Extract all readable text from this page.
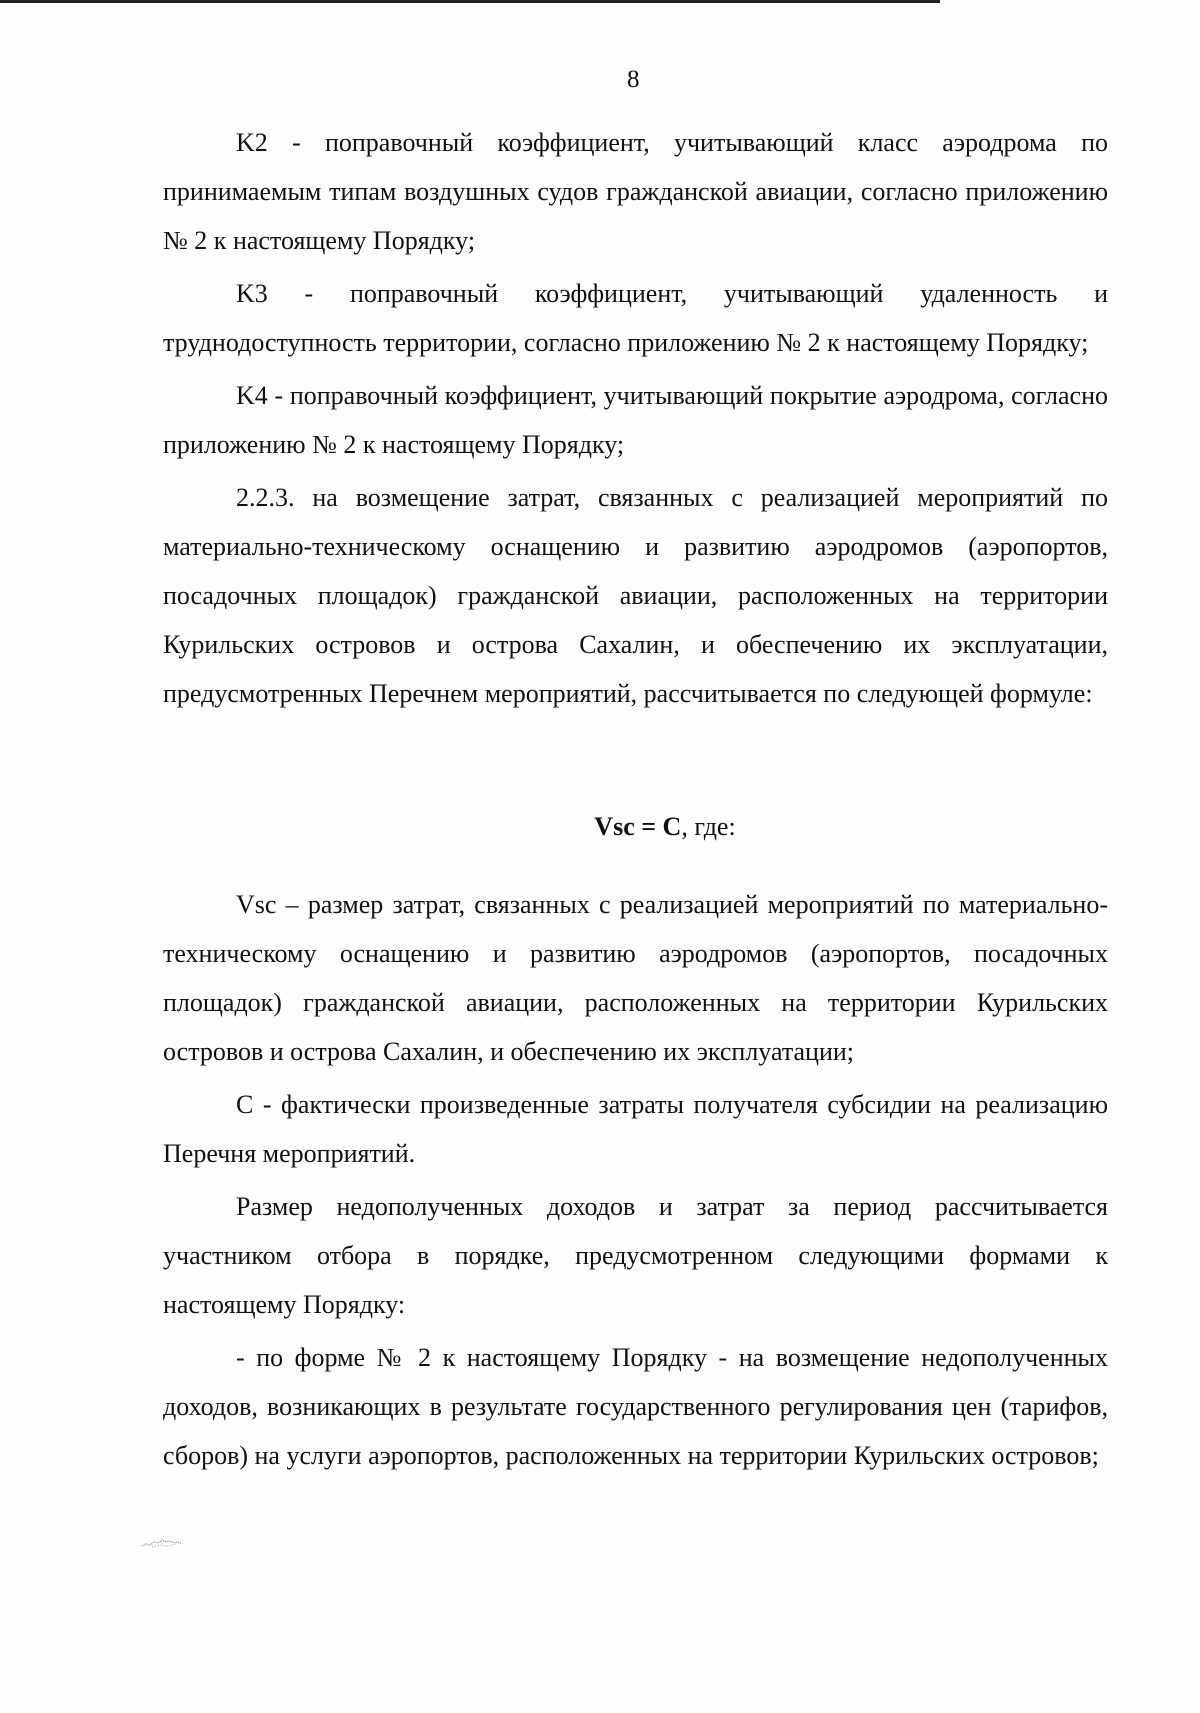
8

K2 - поправочный коэффициент, учитывающий класс аэродрома по принимаемым типам воздушных судов гражданской авиации, согласно приложению № 2 к настоящему Порядку;

K3 - поправочный коэффициент, учитывающий удаленность и труднодоступность территории, согласно приложению № 2 к настоящему Порядку;

K4 - поправочный коэффициент, учитывающий покрытие аэродрома, согласно приложению № 2 к настоящему Порядку;

2.2.3. на возмещение затрат, связанных с реализацией мероприятий по материально-техническому оснащению и развитию аэродромов (аэропортов, посадочных площадок) гражданской авиации, расположенных на территории Курильских островов и острова Сахалин, и обеспечению их эксплуатации, предусмотренных Перечнем мероприятий, рассчитывается по следующей формуле:

Vsc = C, где:

Vsc – размер затрат, связанных с реализацией мероприятий по материально-техническому оснащению и развитию аэродромов (аэропортов, посадочных площадок) гражданской авиации, расположенных на территории Курильских островов и острова Сахалин, и обеспечению их эксплуатации;

C - фактически произведенные затраты получателя субсидии на реализацию Перечня мероприятий.

Размер недополученных доходов и затрат за период рассчитывается участником отбора в порядке, предусмотренном следующими формами к настоящему Порядку:

- по форме № 2 к настоящему Порядку - на возмещение недополученных доходов, возникающих в результате государственного регулирования цен (тарифов, сборов) на услуги аэропортов, расположенных на территории Курильских островов;
